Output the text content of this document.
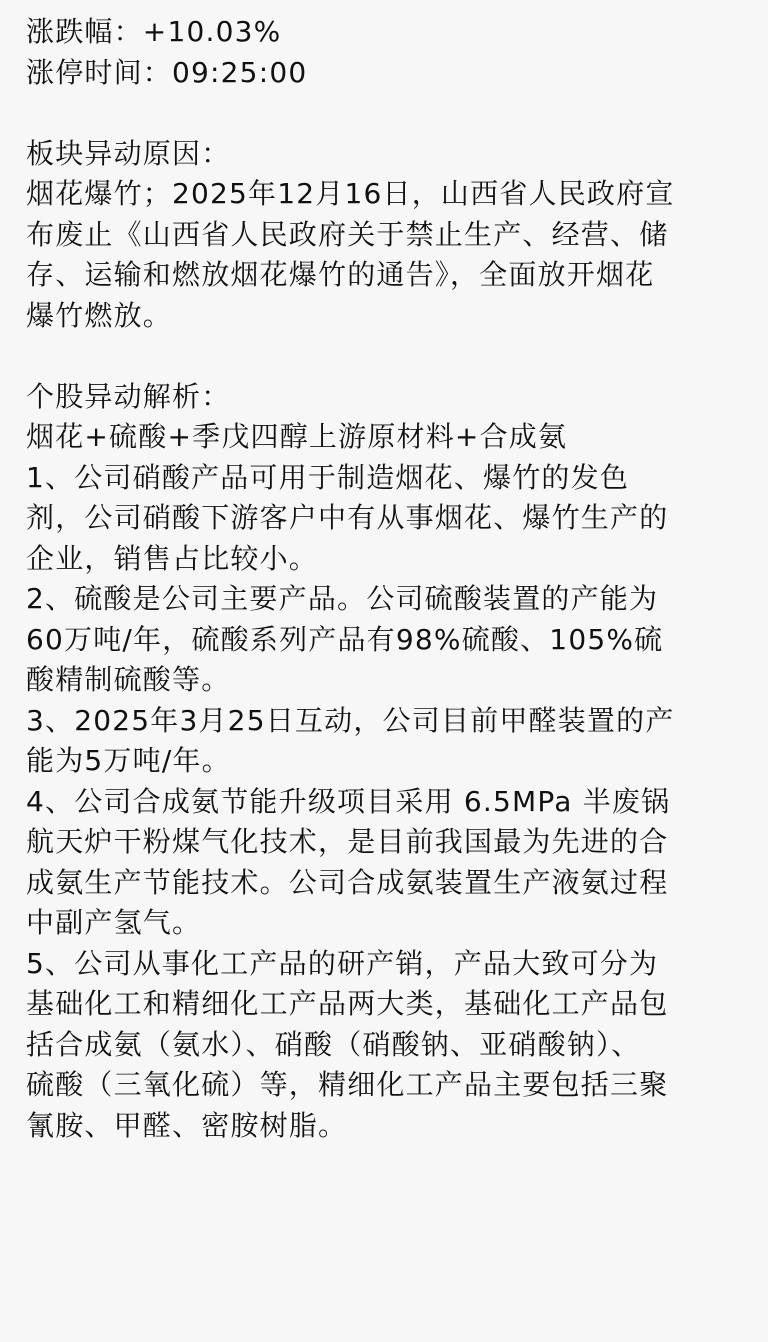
涨跌幅：+10.03%
涨停时间：09:25:00
板块异动原因：
烟花爆竹；2025年12月16日，山西省人民政府宣
布废止《山西省人民政府关于禁止生产、经营、储
存、运输和燃放烟花爆竹的通告》，全面放开烟花
爆竹燃放。
个股异动解析：
烟花+硫酸+季戊四醇上游原材料+合成氨
1、公司硝酸产品可用于制造烟花、爆竹的发色
剂，公司硝酸下游客户中有从事烟花、爆竹生产的
企业，销售占比较小。
2、硫酸是公司主要产品。公司硫酸装置的产能为
60万吨/年，硫酸系列产品有98%硫酸、105%硫
酸精制硫酸等。
3、2025年3月25日互动，公司目前甲醛装置的产
能为5万吨/年。
4、公司合成氨节能升级项目采用 6.5MPa 半废锅
航天炉干粉煤气化技术，是目前我国最为先进的合
成氨生产节能技术。公司合成氨装置生产液氨过程
中副产氢气。
5、公司从事化工产品的研产销，产品大致可分为
基础化工和精细化工产品两大类，基础化工产品包
括合成氨（氨水）、硝酸（硝酸钠、亚硝酸钠）、
硫酸（三氧化硫）等，精细化工产品主要包括三聚
氰胺、甲醛、密胺树脂。
